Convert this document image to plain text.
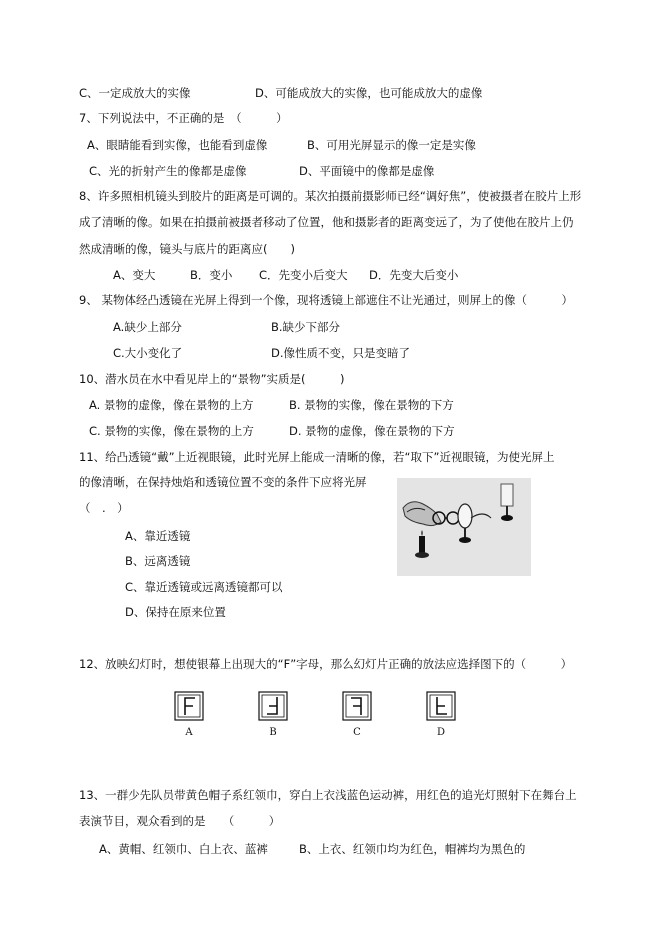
C、一定成放大的实像	D、可能成放大的实像，也可能成放大的虚像
7、下列说法中，不正确的是　（　　　）
A、眼睛能看到实像，也能看到虚像	B、可用光屏显示的像一定是实像
C、光的折射产生的像都是虚像	D、平面镜中的像都是虚像
8、许多照相机镜头到胶片的距离是可调的。某次拍摄前摄影师已经“调好焦”，使被摄者在胶片上形
成了清晰的像。如果在拍摄前被摄者移动了位置，他和摄影者的距离变远了，为了使他在胶片上仍
然成清晰的像，镜头与底片的距离应(　　)
A、变大	B．变小 C．先变小后变大 D．先变大后变小
9、 某物体经凸透镜在光屏上得到一个像，现将透镜上部遮住不让光通过，则屏上的像（　　　）
A.缺少上部分	B.缺少下部分
C.大小变化了	D.像性质不变，只是变暗了
10、潜水员在水中看见岸上的“景物”实质是(　　　)
A. 景物的虚像，像在景物的上方	B. 景物的实像，像在景物的下方
C. 景物的实像，像在景物的上方	D. 景物的虚像，像在景物的下方
11、给凸透镜“戴”上近视眼镜，此时光屏上能成一清晰的像，若“取下”近视眼镜，为使光屏上
的像清晰，在保持烛焰和透镜位置不变的条件下应将光屏
（　.　）
A、靠近透镜
B、远离透镜
C、靠近透镜或远离透镜都可以
D、保持在原来位置
12、放映幻灯时，想使银幕上出现大的“F”字母，那么幻灯片正确的放法应选择图下的（　　　）
A	B	C	D
13、一群少先队员带黄色帽子系红领巾，穿白上衣浅蓝色运动裤，用红色的追光灯照射下在舞台上
表演节目，观众看到的是　　（　　　）
A、黄帽、红领巾、白上衣、蓝裤	B、上衣、红领巾均为红色，帽裤均为黑色的
